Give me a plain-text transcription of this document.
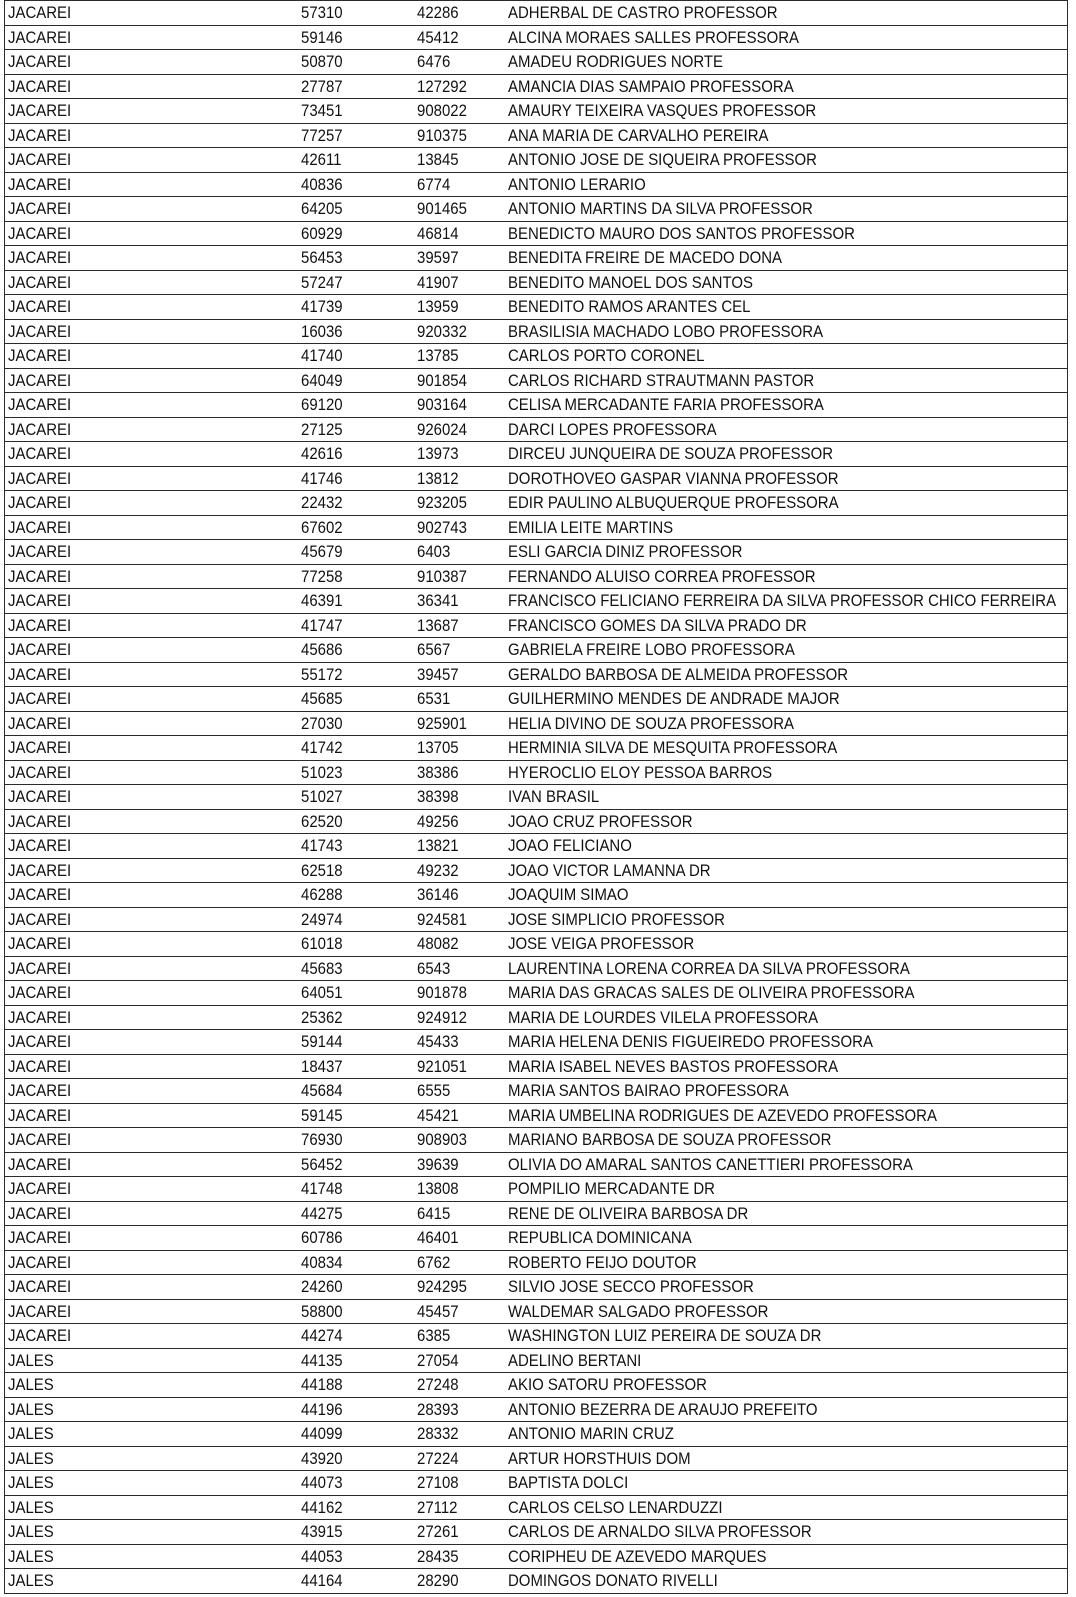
JACAREI	57310	42286	ADHERBAL DE CASTRO PROFESSOR
JACAREI	59146	45412	ALCINA MORAES SALLES PROFESSORA
JACAREI	50870	6476	AMADEU RODRIGUES NORTE
JACAREI	27787	127292	AMANCIA DIAS SAMPAIO PROFESSORA
JACAREI	73451	908022	AMAURY TEIXEIRA VASQUES PROFESSOR
JACAREI	77257	910375	ANA MARIA DE CARVALHO PEREIRA
JACAREI	42611	13845	ANTONIO JOSE DE SIQUEIRA PROFESSOR
JACAREI	40836	6774	ANTONIO LERARIO
JACAREI	64205	901465	ANTONIO MARTINS DA SILVA PROFESSOR
JACAREI	60929	46814	BENEDICTO MAURO DOS SANTOS PROFESSOR
JACAREI	56453	39597	BENEDITA FREIRE DE MACEDO DONA
JACAREI	57247	41907	BENEDITO MANOEL DOS SANTOS
JACAREI	41739	13959	BENEDITO RAMOS ARANTES CEL
JACAREI	16036	920332	BRASILISIA MACHADO LOBO PROFESSORA
JACAREI	41740	13785	CARLOS PORTO CORONEL
JACAREI	64049	901854	CARLOS RICHARD STRAUTMANN PASTOR
JACAREI	69120	903164	CELISA MERCADANTE FARIA PROFESSORA
JACAREI	27125	926024	DARCI LOPES PROFESSORA
JACAREI	42616	13973	DIRCEU JUNQUEIRA DE SOUZA PROFESSOR
JACAREI	41746	13812	DOROTHOVEO GASPAR VIANNA PROFESSOR
JACAREI	22432	923205	EDIR PAULINO ALBUQUERQUE PROFESSORA
JACAREI	67602	902743	EMILIA LEITE MARTINS
JACAREI	45679	6403	ESLI GARCIA DINIZ PROFESSOR
JACAREI	77258	910387	FERNANDO ALUISO CORREA PROFESSOR
JACAREI	46391	36341	FRANCISCO FELICIANO FERREIRA DA SILVA PROFESSOR CHICO FERREIRA
JACAREI	41747	13687	FRANCISCO GOMES DA SILVA PRADO DR
JACAREI	45686	6567	GABRIELA FREIRE LOBO PROFESSORA
JACAREI	55172	39457	GERALDO BARBOSA DE ALMEIDA PROFESSOR
JACAREI	45685	6531	GUILHERMINO MENDES DE ANDRADE MAJOR
JACAREI	27030	925901	HELIA DIVINO DE SOUZA PROFESSORA
JACAREI	41742	13705	HERMINIA SILVA DE MESQUITA PROFESSORA
JACAREI	51023	38386	HYEROCLIO ELOY PESSOA BARROS
JACAREI	51027	38398	IVAN BRASIL
JACAREI	62520	49256	JOAO CRUZ PROFESSOR
JACAREI	41743	13821	JOAO FELICIANO
JACAREI	62518	49232	JOAO VICTOR LAMANNA DR
JACAREI	46288	36146	JOAQUIM SIMAO
JACAREI	24974	924581	JOSE SIMPLICIO PROFESSOR
JACAREI	61018	48082	JOSE VEIGA PROFESSOR
JACAREI	45683	6543	LAURENTINA LORENA CORREA DA SILVA PROFESSORA
JACAREI	64051	901878	MARIA DAS GRACAS SALES DE OLIVEIRA PROFESSORA
JACAREI	25362	924912	MARIA DE LOURDES VILELA PROFESSORA
JACAREI	59144	45433	MARIA HELENA DENIS FIGUEIREDO PROFESSORA
JACAREI	18437	921051	MARIA ISABEL NEVES BASTOS PROFESSORA
JACAREI	45684	6555	MARIA SANTOS BAIRAO PROFESSORA
JACAREI	59145	45421	MARIA UMBELINA RODRIGUES DE AZEVEDO PROFESSORA
JACAREI	76930	908903	MARIANO BARBOSA DE SOUZA PROFESSOR
JACAREI	56452	39639	OLIVIA DO AMARAL SANTOS CANETTIERI PROFESSORA
JACAREI	41748	13808	POMPILIO MERCADANTE DR
JACAREI	44275	6415	RENE DE OLIVEIRA BARBOSA DR
JACAREI	60786	46401	REPUBLICA DOMINICANA
JACAREI	40834	6762	ROBERTO FEIJO DOUTOR
JACAREI	24260	924295	SILVIO JOSE SECCO PROFESSOR
JACAREI	58800	45457	WALDEMAR SALGADO PROFESSOR
JACAREI	44274	6385	WASHINGTON LUIZ PEREIRA DE SOUZA DR
JALES	44135	27054	ADELINO BERTANI
JALES	44188	27248	AKIO SATORU PROFESSOR
JALES	44196	28393	ANTONIO BEZERRA DE ARAUJO PREFEITO
JALES	44099	28332	ANTONIO MARIN CRUZ
JALES	43920	27224	ARTUR HORSTHUIS DOM
JALES	44073	27108	BAPTISTA DOLCI
JALES	44162	27112	CARLOS CELSO LENARDUZZI
JALES	43915	27261	CARLOS DE ARNALDO SILVA PROFESSOR
JALES	44053	28435	CORIPHEU DE AZEVEDO MARQUES
JALES	44164	28290	DOMINGOS DONATO RIVELLI
